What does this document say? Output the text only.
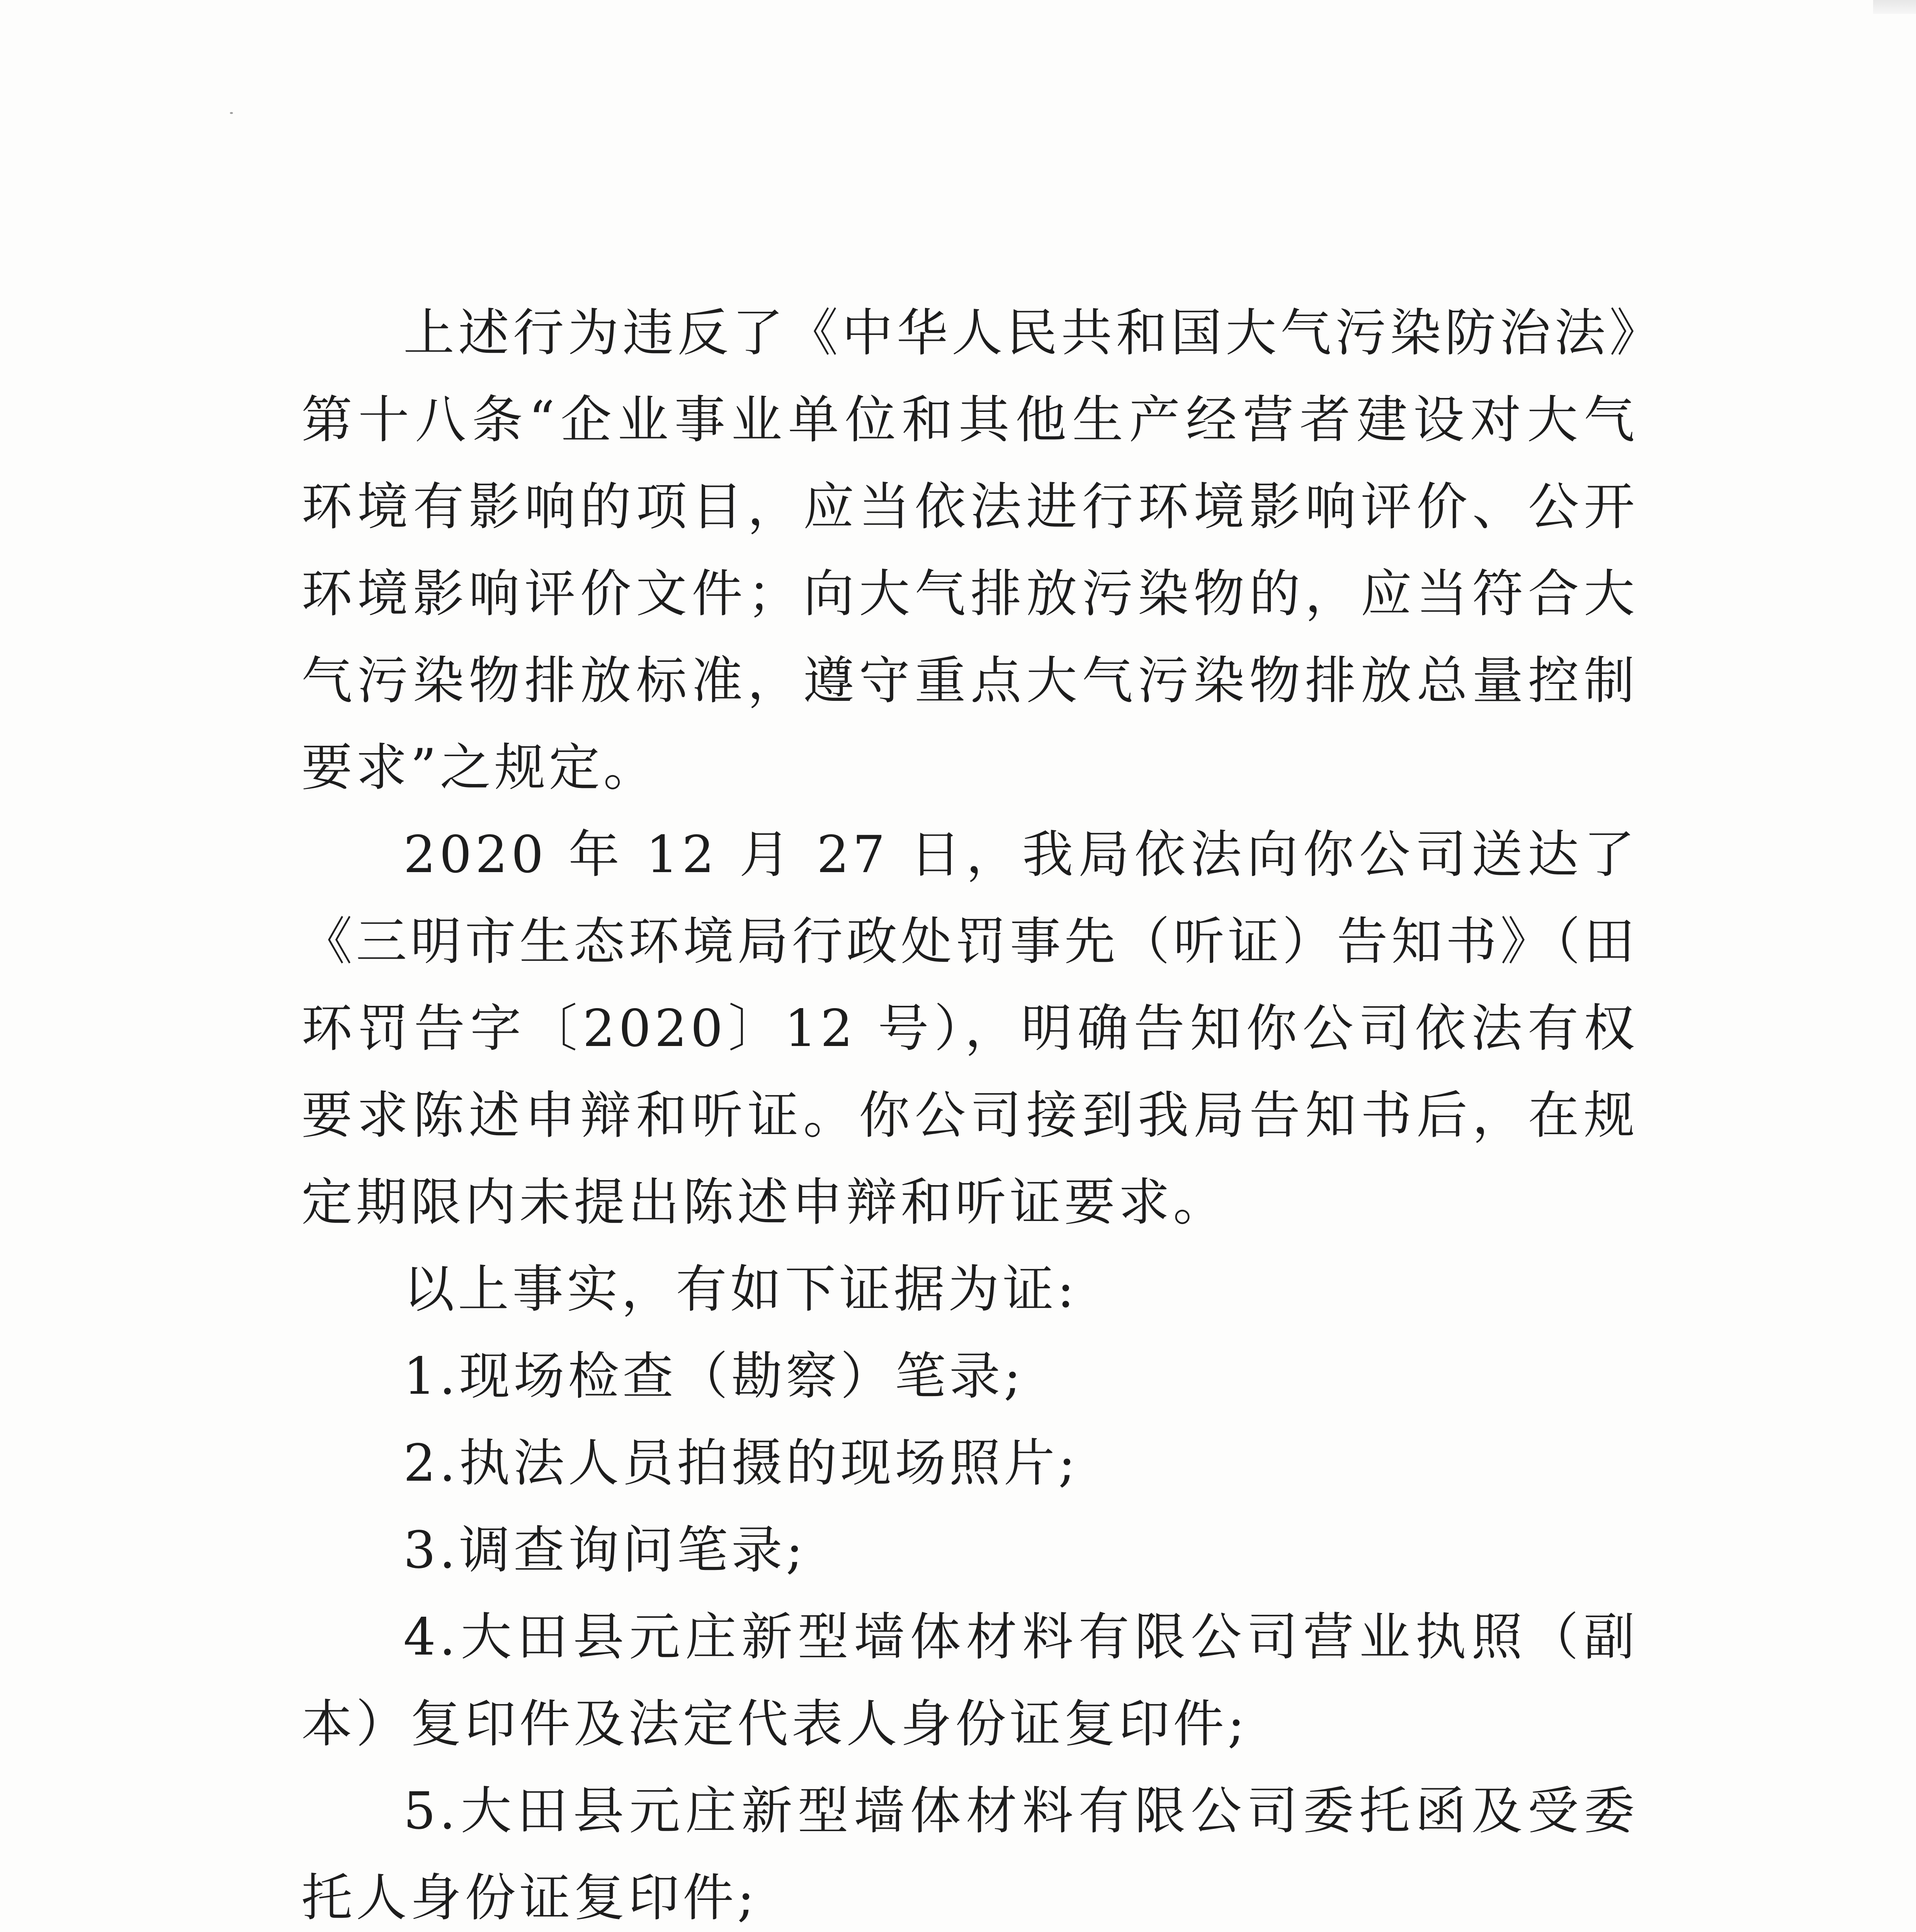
上述行为违反了《中华人民共和国大气污染防治法》第十八条“企业事业单位和其他生产经营者建设对大气环境有影响的项目，应当依法进行环境影响评价、公开环境影响评价文件；向大气排放污染物的，应当符合大气污染物排放标准，遵守重点大气污染物排放总量控制要求”之规定。

2020 年 12 月 27 日，我局依法向你公司送达了《三明市生态环境局行政处罚事先（听证）告知书》（田环罚告字〔2020〕12 号），明确告知你公司依法有权要求陈述申辩和听证。你公司接到我局告知书后，在规定期限内未提出陈述申辩和听证要求。

以上事实，有如下证据为证:

1.现场检查（勘察）笔录;

2.执法人员拍摄的现场照片;

3.调查询问笔录;

4.大田县元庄新型墙体材料有限公司营业执照（副本）复印件及法定代表人身份证复印件;

5.大田县元庄新型墙体材料有限公司委托函及受委托人身份证复印件;
